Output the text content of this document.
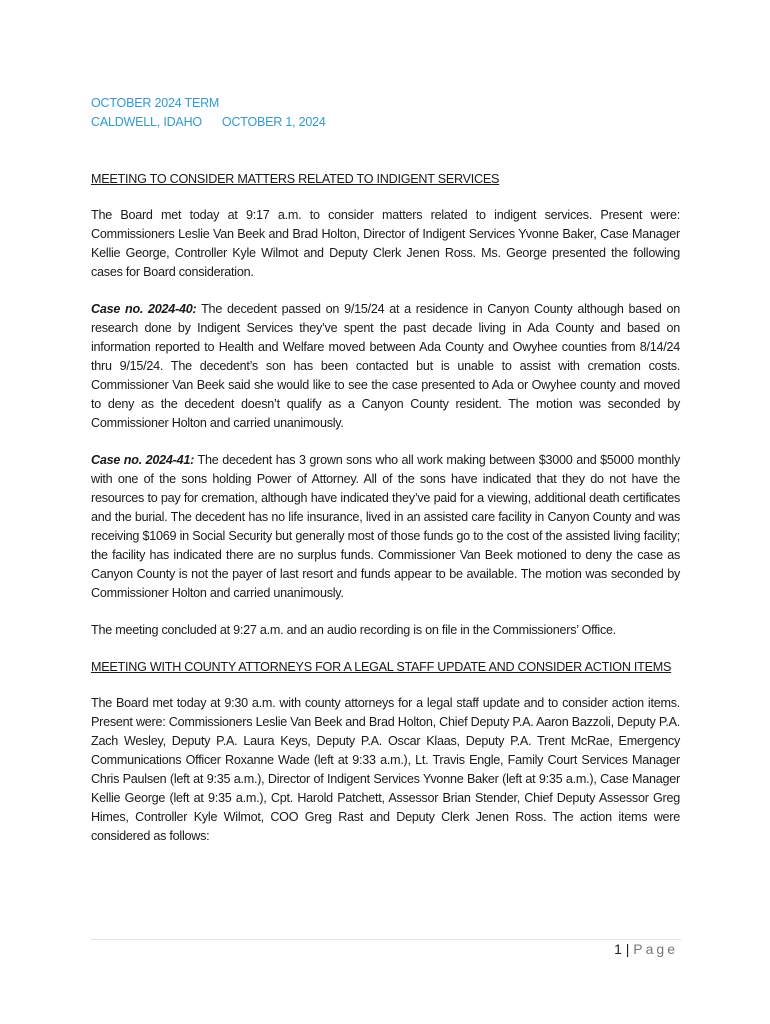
OCTOBER 2024 TERM
CALDWELL, IDAHO OCTOBER 1, 2024

MEETING TO CONSIDER MATTERS RELATED TO INDIGENT SERVICES

The Board met today at 9:17 a.m. to consider matters related to indigent services. Present were: Commissioners Leslie Van Beek and Brad Holton, Director of Indigent Services Yvonne Baker, Case Manager Kellie George, Controller Kyle Wilmot and Deputy Clerk Jenen Ross. Ms. George presented the following cases for Board consideration.

Case no. 2024-40: The decedent passed on 9/15/24 at a residence in Canyon County although based on research done by Indigent Services they’ve spent the past decade living in Ada County and based on information reported to Health and Welfare moved between Ada County and Owyhee counties from 8/14/24 thru 9/15/24. The decedent’s son has been contacted but is unable to assist with cremation costs. Commissioner Van Beek said she would like to see the case presented to Ada or Owyhee county and moved to deny as the decedent doesn’t qualify as a Canyon County resident. The motion was seconded by Commissioner Holton and carried unanimously.

Case no. 2024-41: The decedent has 3 grown sons who all work making between $3000 and $5000 monthly with one of the sons holding Power of Attorney. All of the sons have indicated that they do not have the resources to pay for cremation, although have indicated they’ve paid for a viewing, additional death certificates and the burial. The decedent has no life insurance, lived in an assisted care facility in Canyon County and was receiving $1069 in Social Security but generally most of those funds go to the cost of the assisted living facility; the facility has indicated there are no surplus funds. Commissioner Van Beek motioned to deny the case as Canyon County is not the payer of last resort and funds appear to be available. The motion was seconded by Commissioner Holton and carried unanimously.

The meeting concluded at 9:27 a.m. and an audio recording is on file in the Commissioners’ Office.

MEETING WITH COUNTY ATTORNEYS FOR A LEGAL STAFF UPDATE AND CONSIDER ACTION ITEMS

The Board met today at 9:30 a.m. with county attorneys for a legal staff update and to consider action items. Present were: Commissioners Leslie Van Beek and Brad Holton, Chief Deputy P.A. Aaron Bazzoli, Deputy P.A. Zach Wesley, Deputy P.A. Laura Keys, Deputy P.A. Oscar Klaas, Deputy P.A. Trent McRae, Emergency Communications Officer Roxanne Wade (left at 9:33 a.m.), Lt. Travis Engle, Family Court Services Manager Chris Paulsen (left at 9:35 a.m.), Director of Indigent Services Yvonne Baker (left at 9:35 a.m.), Case Manager Kellie George (left at 9:35 a.m.), Cpt. Harold Patchett, Assessor Brian Stender, Chief Deputy Assessor Greg Himes, Controller Kyle Wilmot, COO Greg Rast and Deputy Clerk Jenen Ross. The action items were considered as follows:

1 | Page
